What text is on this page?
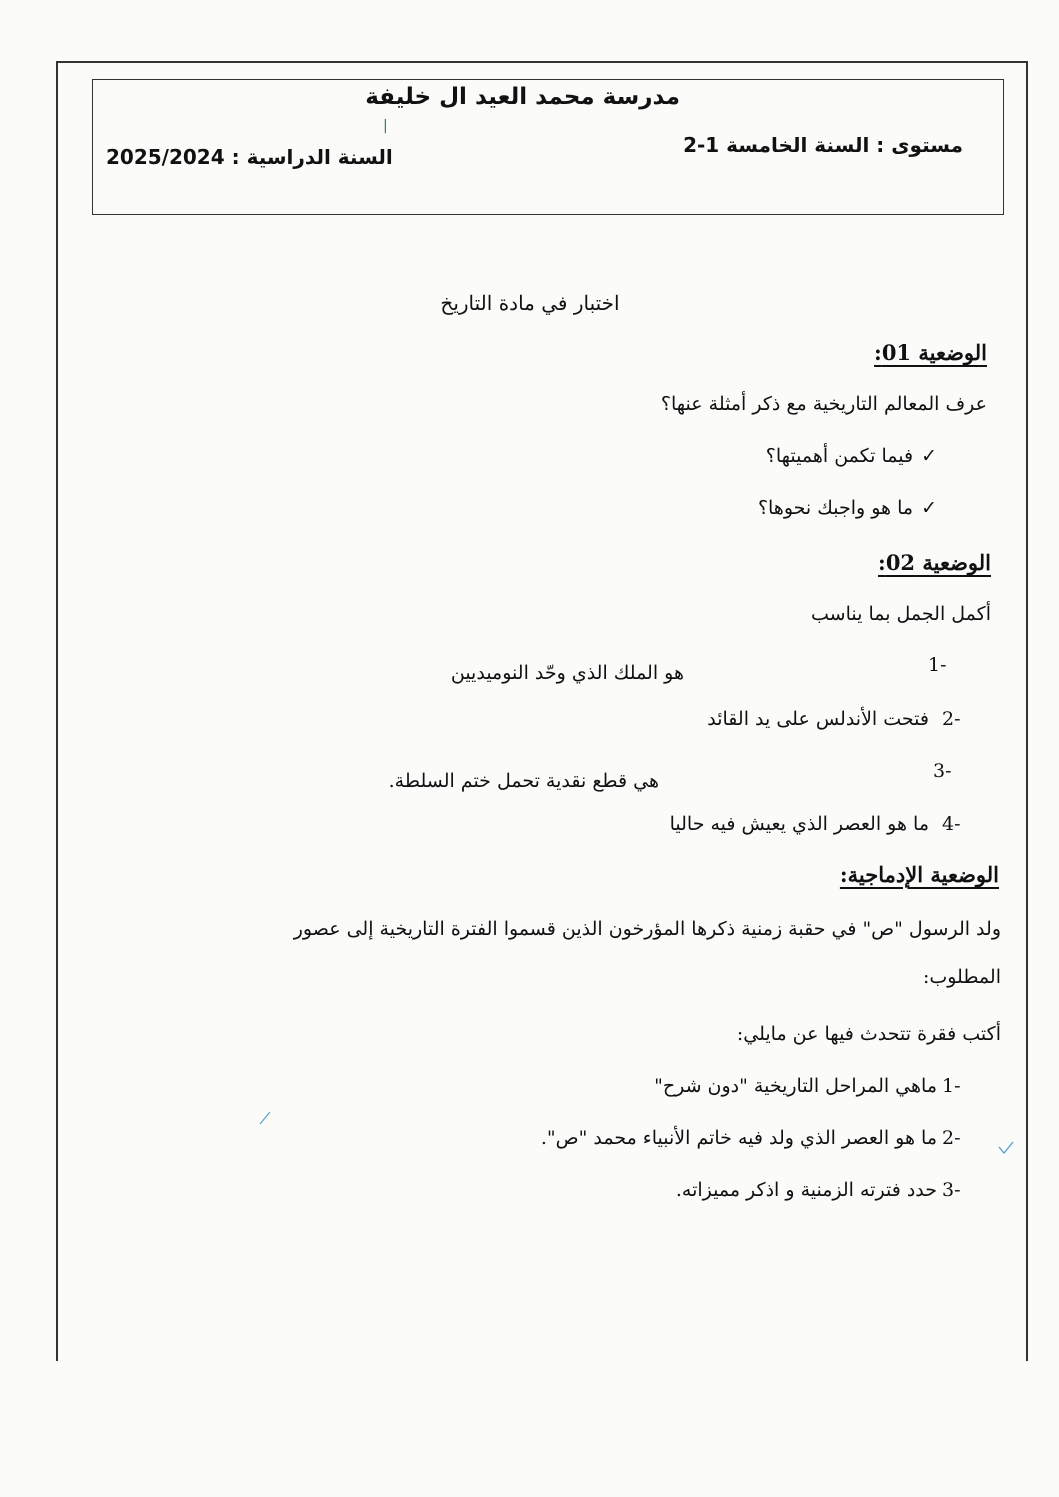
مدرسة محمد العيد ال خليفة
مستوى : السنة الخامسة 1-2
السنة الدراسية : 2025/2024
اختبار في مادة التاريخ
الوضعية 01:
عرف المعالم التاريخية مع ذكر أمثلة عنها؟
✓فيما تكمن أهميتها؟
✓ما هو واجبك نحوها؟
الوضعية 02:
أكمل الجمل بما يناسب
1-
هو الملك الذي وحّد النوميديين
2-
فتحت الأندلس على يد القائد
3-
هي قطع نقدية تحمل ختم السلطة.
4-
ما هو العصر الذي يعيش فيه حاليا
الوضعية الإدماجية:
ولد الرسول "ص" في حقبة زمنية ذكرها المؤرخون الذين قسموا الفترة التاريخية إلى عصور
المطلوب:
أكتب فقرة تتحدث فيها عن مايلي:
1-
ماهي المراحل التاريخية "دون شرح"
2-
ما هو العصر الذي ولد فيه خاتم الأنبياء محمد "ص".
3-
حدد فترته الزمنية و اذكر مميزاته.
|
